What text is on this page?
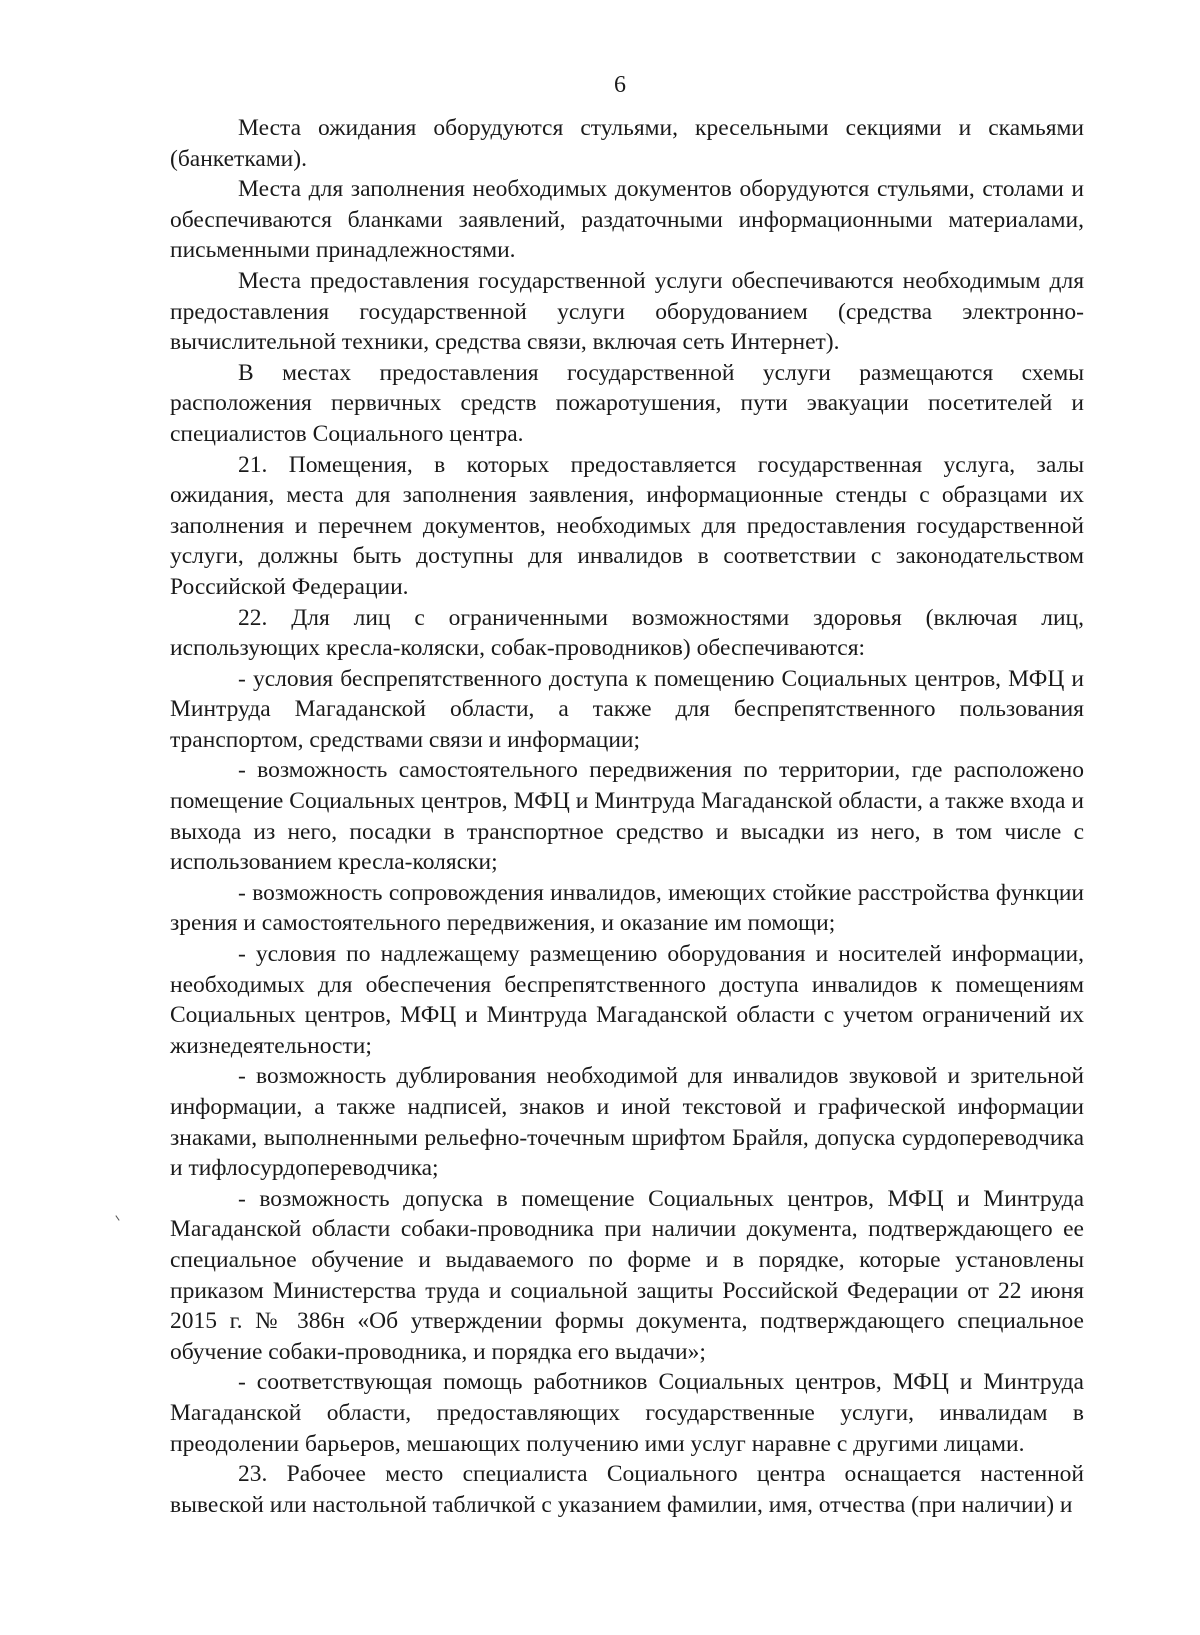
6

Места ожидания оборудуются стульями, кресельными секциями и скамьями (банкетками).

Места для заполнения необходимых документов оборудуются стульями, столами и обеспечиваются бланками заявлений, раздаточными информационными материалами, письменными принадлежностями.

Места предоставления государственной услуги обеспечиваются необходимым для предоставления государственной услуги оборудованием (средства электронно-вычислительной техники, средства связи, включая сеть Интернет).

В местах предоставления государственной услуги размещаются схемы расположения первичных средств пожаротушения, пути эвакуации посетителей и специалистов Социального центра.

21. Помещения, в которых предоставляется государственная услуга, залы ожидания, места для заполнения заявления, информационные стенды с образцами их заполнения и перечнем документов, необходимых для предоставления государственной услуги, должны быть доступны для инвалидов в соответствии с законодательством Российской Федерации.

22. Для лиц с ограниченными возможностями здоровья (включая лиц, использующих кресла-коляски, собак-проводников) обеспечиваются:

- условия беспрепятственного доступа к помещению Социальных центров, МФЦ и Минтруда Магаданской области, а также для беспрепятственного пользования транспортом, средствами связи и информации;

- возможность самостоятельного передвижения по территории, где расположено помещение Социальных центров, МФЦ и Минтруда Магаданской области, а также входа и выхода из него, посадки в транспортное средство и высадки из него, в том числе с использованием кресла-коляски;

- возможность сопровождения инвалидов, имеющих стойкие расстройства функции зрения и самостоятельного передвижения, и оказание им помощи;

- условия по надлежащему размещению оборудования и носителей информации, необходимых для обеспечения беспрепятственного доступа инвалидов к помещениям Социальных центров, МФЦ и Минтруда Магаданской области с учетом ограничений их жизнедеятельности;

- возможность дублирования необходимой для инвалидов звуковой и зрительной информации, а также надписей, знаков и иной текстовой и графической информации знаками, выполненными рельефно-точечным шрифтом Брайля, допуска сурдопереводчика и тифлосурдопереводчика;

- возможность допуска в помещение Социальных центров, МФЦ и Минтруда Магаданской области собаки-проводника при наличии документа, подтверждающего ее специальное обучение и выдаваемого по форме и в порядке, которые установлены приказом Министерства труда и социальной защиты Российской Федерации от 22 июня 2015 г. № 386н «Об утверждении формы документа, подтверждающего специальное обучение собаки-проводника, и порядка его выдачи»;

- соответствующая помощь работников Социальных центров, МФЦ и Минтруда Магаданской области, предоставляющих государственные услуги, инвалидам в преодолении барьеров, мешающих получению ими услуг наравне с другими лицами.

23. Рабочее место специалиста Социального центра оснащается настенной вывеской или настольной табличкой с указанием фамилии, имя, отчества (при наличии) и
